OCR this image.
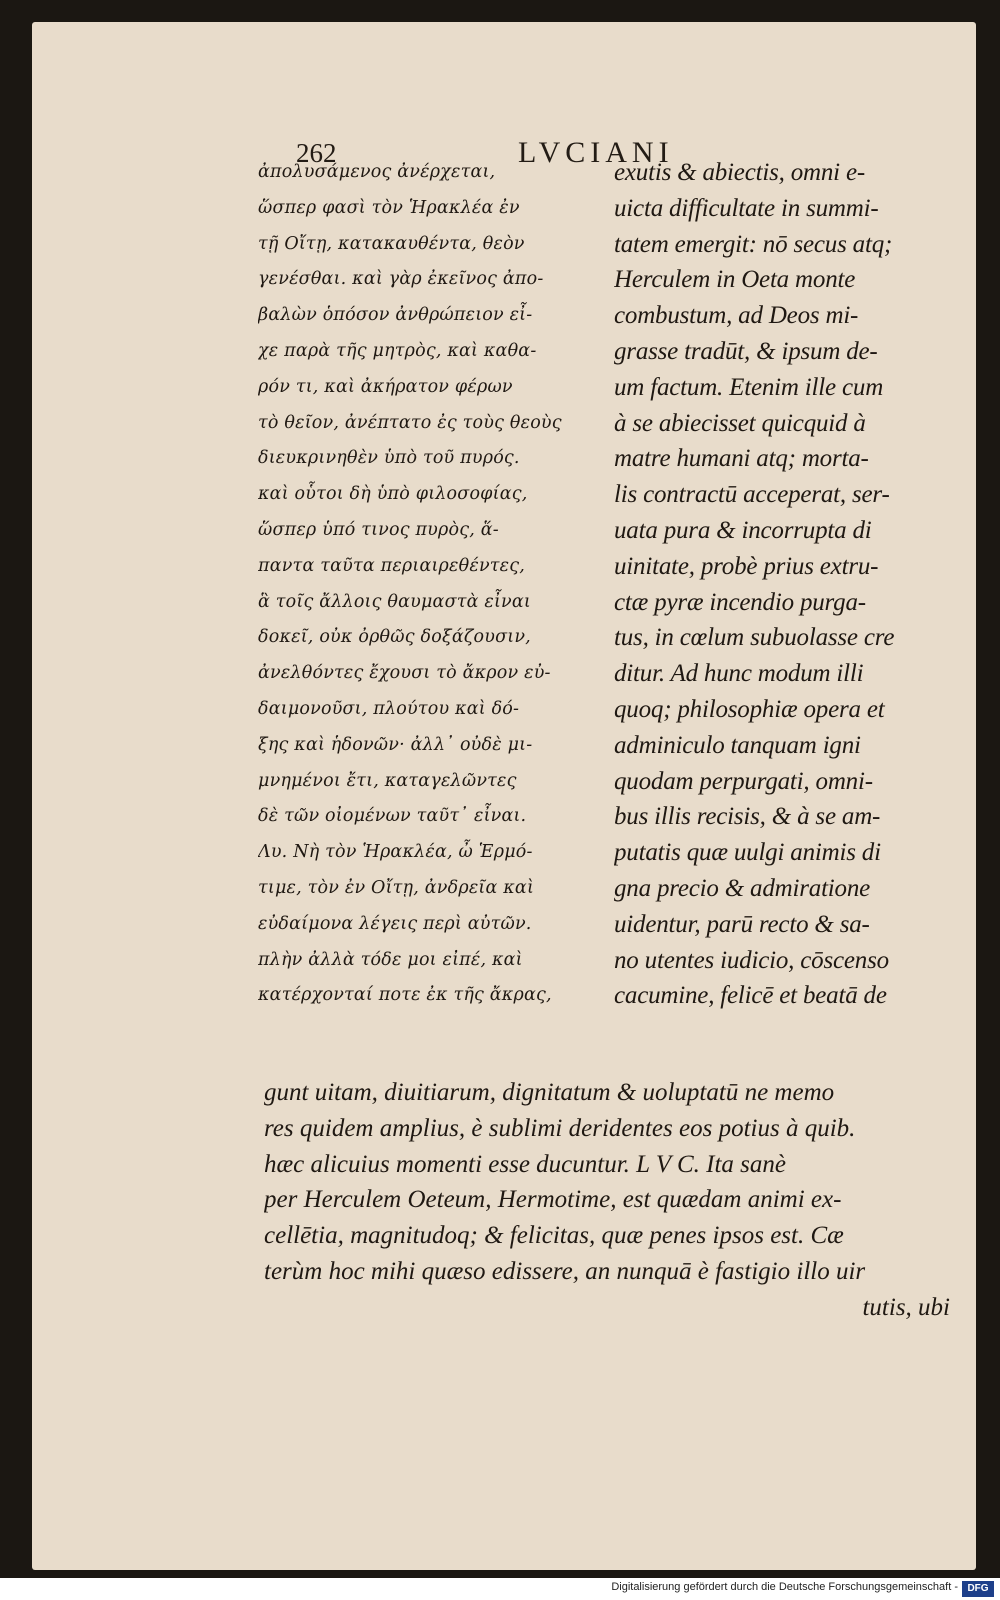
262	LVCIANI
ἀπολυσάμενος ἀνέρχεται,
ὥσπερ φασὶ τὸν Ἡρακλέα ἐν
τῇ Οἴτῃ, κατακαυθέντα, θεὸν
γενέσθαι. καὶ γὰρ ἐκεῖνος ἀπο-
βαλὼν ὁπόσον ἀνθρώπειον εἶ-
χε παρὰ τῆς μητρὸς, καὶ καθα-
ρόν τι, καὶ ἀκήρατον φέρων
τὸ θεῖον, ἀνέπτατο ἐς τοὺς θεοὺς
διευκρινηθὲν ὑπὸ τοῦ πυρός.
καὶ οὗτοι δὴ ὑπὸ φιλοσοφίας,
ὥσπερ ὑπό τινος πυρὸς, ἅ-
παντα ταῦτα περιαιρεθέντες,
ἃ τοῖς ἄλλοις θαυμαστὰ εἶναι
δοκεῖ, οὐκ ὀρθῶς δοξάζουσιν,
ἀνελθόντες ἔχουσι τὸ ἄκρον εὐ-
δαιμονοῦσι, πλούτου καὶ δό-
ξης καὶ ἡδονῶν· ἀλλ᾿ οὐδὲ μι-
μνημένοι ἔτι, καταγελῶντες
δὲ τῶν οἰομένων ταῦτ᾿ εἶναι.
Λυ. Νὴ τὸν Ἡρακλέα, ὦ Ἑρμό-
τιμε, τὸν ἐν Οἴτῃ, ἀνδρεῖα καὶ
εὐδαίμονα λέγεις περὶ αὐτῶν.
πλὴν ἀλλὰ τόδε μοι εἰπέ, καὶ
κατέρχονταί ποτε ἐκ τῆς ἄκρας,
exutis & abiectis, omni e-
uicta difficultate in summi-
tatem emergit: nō secus atq;
Herculem in Oeta monte
combustum, ad Deos mi-
grasse tradūt, & ipsum de-
um factum. Etenim ille cum
à se abiecisset quicquid à
matre humani atq; morta-
lis contractū acceperat, ser-
uata pura & incorrupta di
uinitate, probè prius extru-
ctæ pyræ incendio purga-
tus, in cœlum subuolasse cre
ditur. Ad hunc modum illi
quoq; philosophiæ opera et
adminiculo tanquam igni
quodam perpurgati, omni-
bus illis recisis, & à se am-
putatis quæ uulgi animis di
gna precio & admiratione
uidentur, parū recto & sa-
no utentes iudicio, cōscenso
cacumine, felicē et beatā de
gunt uitam, diuitiarum, dignitatum & uoluptatū ne memo
res quidem amplius, è sublimi deridentes eos potius à quib.
hæc alicuius momenti esse ducuntur. L V C. Ita sanè
per Herculem Oeteum, Hermotime, est quædam animi ex-
cellētia, magnitudoq; & felicitas, quæ penes ipsos est. Cæ
terùm hoc mihi quæso edissere, an nunquā è fastigio illo uir
tutis, ubi
Digitalisierung gefördert durch die Deutsche Forschungsgemeinschaft - DFG
